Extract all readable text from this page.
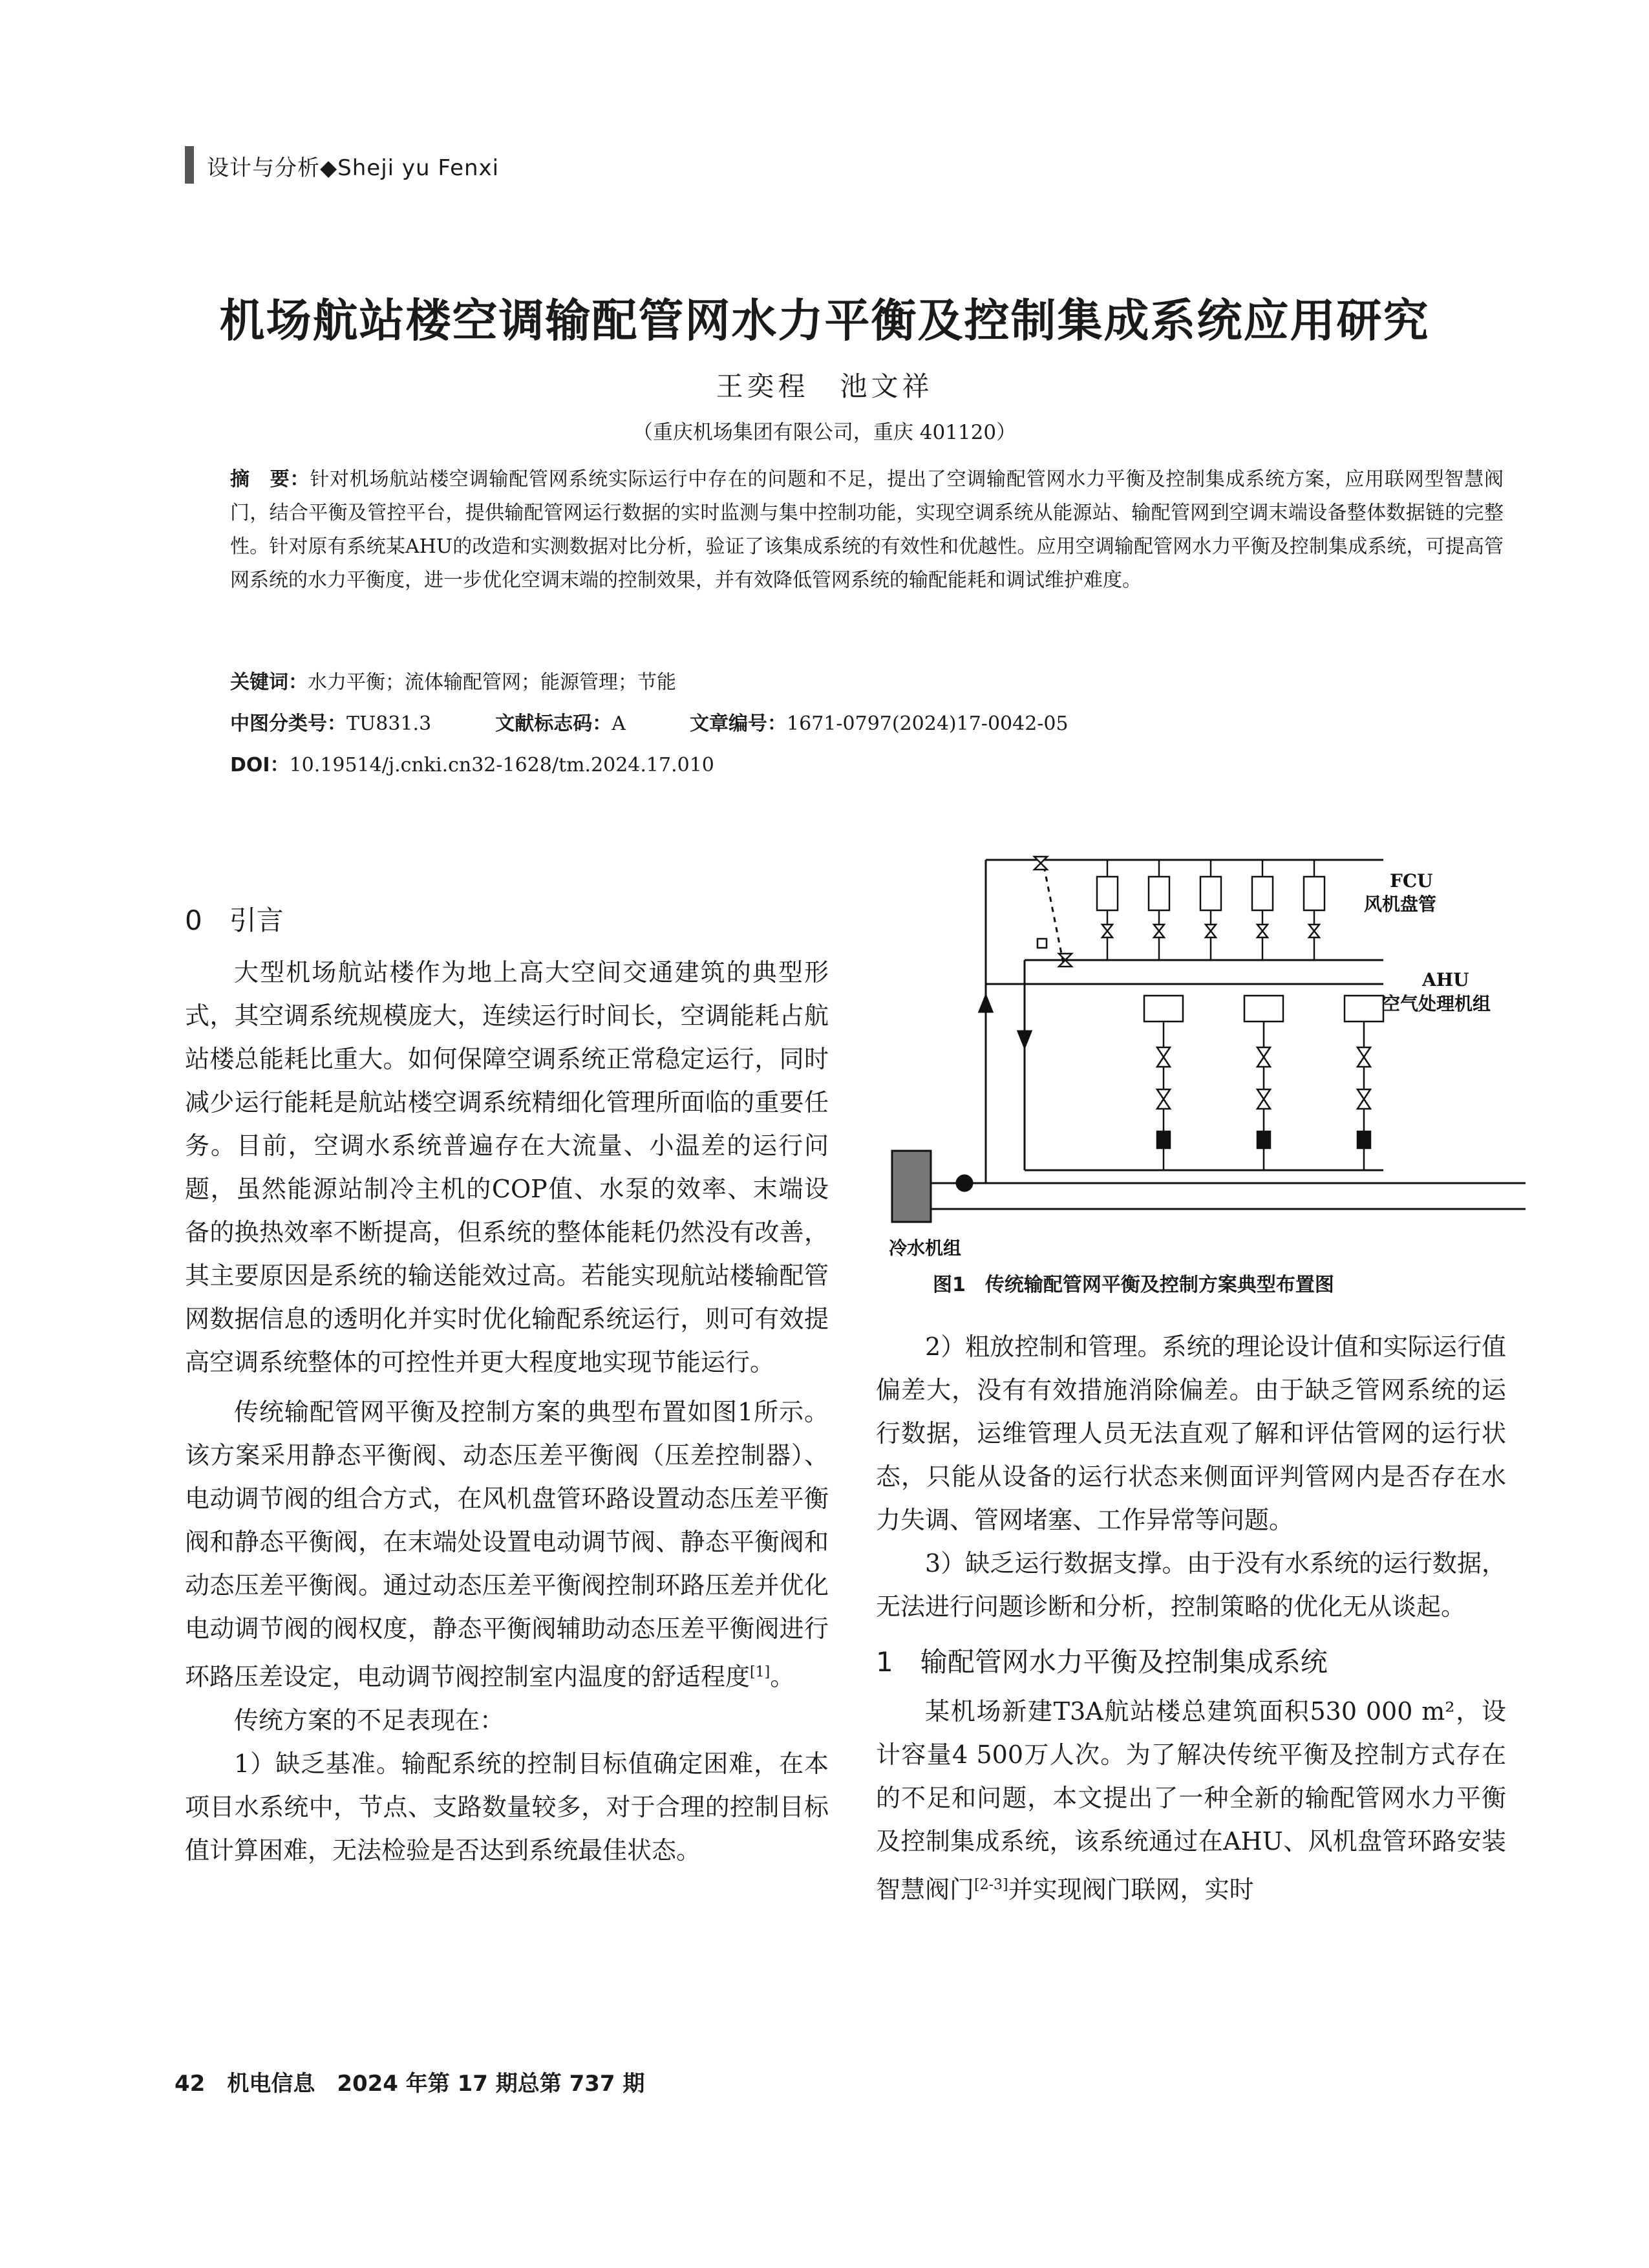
设计与分析◆Sheji yu Fenxi
机场航站楼空调输配管网水力平衡及控制集成系统应用研究
王奕程　池文祥
（重庆机场集团有限公司，重庆 401120）
摘　要：针对机场航站楼空调输配管网系统实际运行中存在的问题和不足，提出了空调输配管网水力平衡及控制集成系统方案，应用联网型智慧阀门，结合平衡及管控平台，提供输配管网运行数据的实时监测与集中控制功能，实现空调系统从能源站、输配管网到空调末端设备整体数据链的完整性。针对原有系统某AHU的改造和实测数据对比分析，验证了该集成系统的有效性和优越性。应用空调输配管网水力平衡及控制集成系统，可提高管网系统的水力平衡度，进一步优化空调末端的控制效果，并有效降低管网系统的输配能耗和调试维护难度。
关键词：水力平衡；流体输配管网；能源管理；节能
中图分类号：TU831.3	文献标志码：A	文章编号：1671-0797(2024)17-0042-05
DOI：10.19514/j.cnki.cn32-1628/tm.2024.17.010
0　引言

大型机场航站楼作为地上高大空间交通建筑的典型形式，其空调系统规模庞大，连续运行时间长，空调能耗占航站楼总能耗比重大。如何保障空调系统正常稳定运行，同时减少运行能耗是航站楼空调系统精细化管理所面临的重要任务。目前，空调水系统普遍存在大流量、小温差的运行问题，虽然能源站制冷主机的COP值、水泵的效率、末端设备的换热效率不断提高，但系统的整体能耗仍然没有改善，其主要原因是系统的输送能效过高。若能实现航站楼输配管网数据信息的透明化并实时优化输配系统运行，则可有效提高空调系统整体的可控性并更大程度地实现节能运行。

传统输配管网平衡及控制方案的典型布置如图1所示。该方案采用静态平衡阀、动态压差平衡阀（压差控制器）、电动调节阀的组合方式，在风机盘管环路设置动态压差平衡阀和静态平衡阀，在末端处设置电动调节阀、静态平衡阀和动态压差平衡阀。通过动态压差平衡阀控制环路压差并优化电动调节阀的阀权度，静态平衡阀辅助动态压差平衡阀进行环路压差设定，电动调节阀控制室内温度的舒适程度[1]。

传统方案的不足表现在：

1）缺乏基准。输配系统的控制目标值确定困难，在本项目水系统中，节点、支路数量较多，对于合理的控制目标值计算困难，无法检验是否达到系统最佳状态。

FCU
风机盘管
AHU
空气处理机组
冷水机组
图1　传统输配管网平衡及控制方案典型布置图

2）粗放控制和管理。系统的理论设计值和实际运行值偏差大，没有有效措施消除偏差。由于缺乏管网系统的运行数据，运维管理人员无法直观了解和评估管网的运行状态，只能从设备的运行状态来侧面评判管网内是否存在水力失调、管网堵塞、工作异常等问题。

3）缺乏运行数据支撑。由于没有水系统的运行数据，无法进行问题诊断和分析，控制策略的优化无从谈起。

1　输配管网水力平衡及控制集成系统

某机场新建T3A航站楼总建筑面积530 000 m²，设计容量4 500万人次。为了解决传统平衡及控制方式存在的不足和问题，本文提出了一种全新的输配管网水力平衡及控制集成系统，该系统通过在AHU、风机盘管环路安装智慧阀门[2-3]并实现阀门联网，实时

42　机电信息　2024 年第 17 期总第 737 期
